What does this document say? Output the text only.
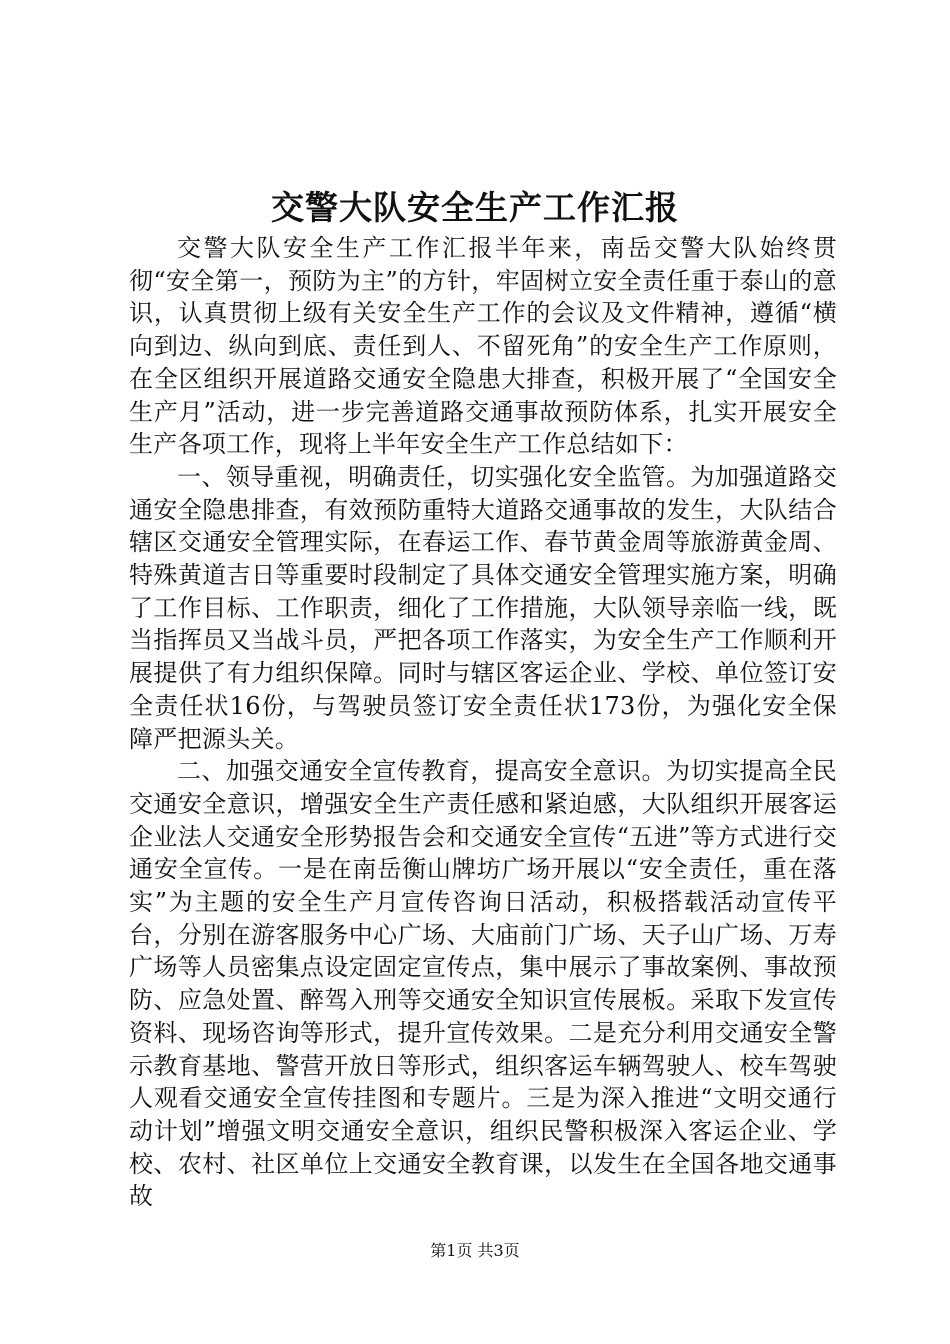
交警大队安全生产工作汇报

交警大队安全生产工作汇报半年来，南岳交警大队始终贯彻“安全第一，预防为主”的方针，牢固树立安全责任重于泰山的意识，认真贯彻上级有关安全生产工作的会议及文件精神，遵循“横向到边、纵向到底、责任到人、不留死角”的安全生产工作原则，在全区组织开展道路交通安全隐患大排查，积极开展了“全国安全生产月”活动，进一步完善道路交通事故预防体系，扎实开展安全生产各项工作，现将上半年安全生产工作总结如下：

一、领导重视，明确责任，切实强化安全监管。为加强道路交通安全隐患排查，有效预防重特大道路交通事故的发生，大队结合辖区交通安全管理实际，在春运工作、春节黄金周等旅游黄金周、特殊黄道吉日等重要时段制定了具体交通安全管理实施方案，明确了工作目标、工作职责，细化了工作措施，大队领导亲临一线，既当指挥员又当战斗员，严把各项工作落实，为安全生产工作顺利开展提供了有力组织保障。同时与辖区客运企业、学校、单位签订安全责任状16份，与驾驶员签订安全责任状173份，为强化安全保障严把源头关。

二、加强交通安全宣传教育，提高安全意识。为切实提高全民交通安全意识，增强安全生产责任感和紧迫感，大队组织开展客运企业法人交通安全形势报告会和交通安全宣传“五进”等方式进行交通安全宣传。一是在南岳衡山牌坊广场开展以“安全责任，重在落实”为主题的安全生产月宣传咨询日活动，积极搭载活动宣传平台，分别在游客服务中心广场、大庙前门广场、天子山广场、万寿广场等人员密集点设定固定宣传点，集中展示了事故案例、事故预防、应急处置、醉驾入刑等交通安全知识宣传展板。采取下发宣传资料、现场咨询等形式，提升宣传效果。二是充分利用交通安全警示教育基地、警营开放日等形式，组织客运车辆驾驶人、校车驾驶人观看交通安全宣传挂图和专题片。三是为深入推进“文明交通行动计划”增强文明交通安全意识，组织民警积极深入客运企业、学校、农村、社区单位上交通安全教育课，以发生在全国各地交通事故

第1页 共3页
